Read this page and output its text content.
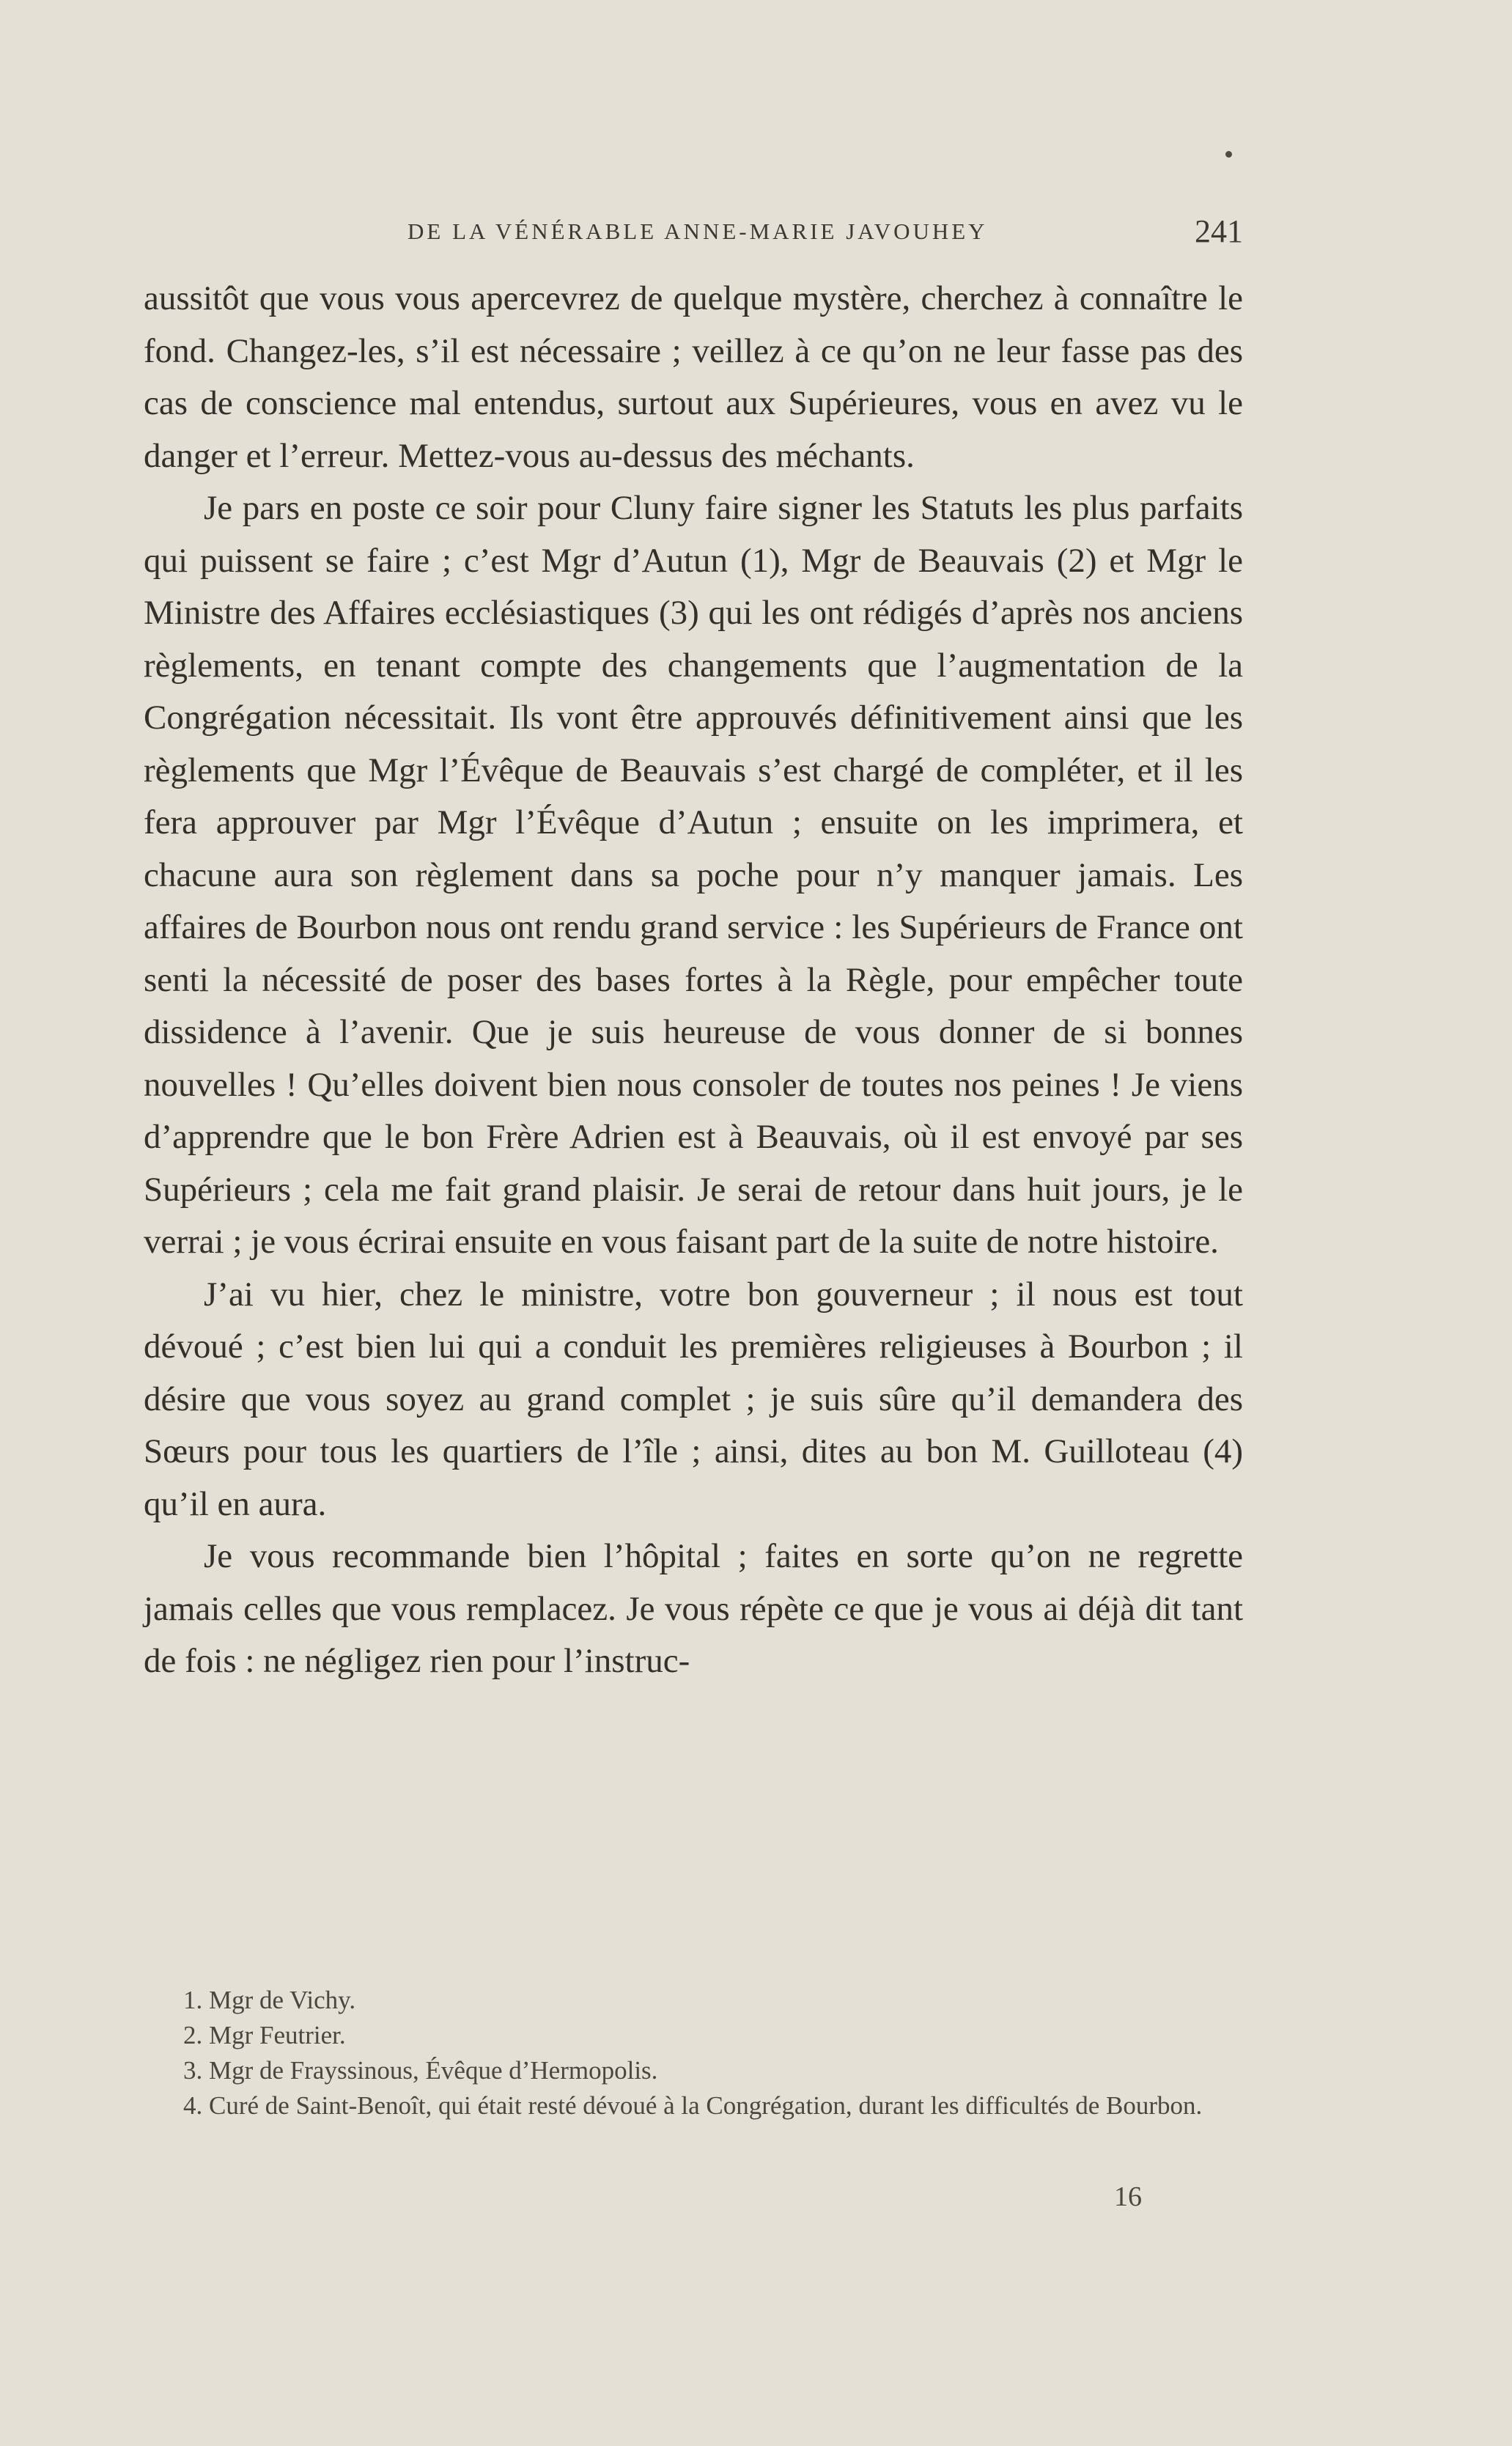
DE LA VÉNÉRABLE ANNE-MARIE JAVOUHEY	241

aussitôt que vous vous apercevrez de quelque mystère, cherchez à connaître le fond. Changez-les, s’il est nécessaire ; veillez à ce qu’on ne leur fasse pas des cas de conscience mal entendus, surtout aux Supérieures, vous en avez vu le danger et l’erreur. Mettez-vous au-dessus des méchants.

Je pars en poste ce soir pour Cluny faire signer les Statuts les plus parfaits qui puissent se faire ; c’est Mgr d’Autun (1), Mgr de Beauvais (2) et Mgr le Ministre des Affaires ecclésiastiques (3) qui les ont rédigés d’après nos anciens règlements, en tenant compte des changements que l’augmentation de la Congrégation nécessitait. Ils vont être approuvés définitivement ainsi que les règlements que Mgr l’Évêque de Beauvais s’est chargé de compléter, et il les fera approuver par Mgr l’Évêque d’Autun ; ensuite on les imprimera, et chacune aura son règlement dans sa poche pour n’y manquer jamais. Les affaires de Bourbon nous ont rendu grand service : les Supérieurs de France ont senti la nécessité de poser des bases fortes à la Règle, pour empêcher toute dissidence à l’avenir. Que je suis heureuse de vous donner de si bonnes nouvelles ! Qu’elles doivent bien nous consoler de toutes nos peines ! Je viens d’apprendre que le bon Frère Adrien est à Beauvais, où il est envoyé par ses Supérieurs ; cela me fait grand plaisir. Je serai de retour dans huit jours, je le verrai ; je vous écrirai ensuite en vous faisant part de la suite de notre histoire.

J’ai vu hier, chez le ministre, votre bon gouverneur ; il nous est tout dévoué ; c’est bien lui qui a conduit les premières religieuses à Bourbon ; il désire que vous soyez au grand complet ; je suis sûre qu’il demandera des Sœurs pour tous les quartiers de l’île ; ainsi, dites au bon M. Guilloteau (4) qu’il en aura.

Je vous recommande bien l’hôpital ; faites en sorte qu’on ne regrette jamais celles que vous remplacez. Je vous répète ce que je vous ai déjà dit tant de fois : ne négligez rien pour l’instruc-

1. Mgr de Vichy.

2. Mgr Feutrier.

3. Mgr de Frayssinous, Évêque d’Hermopolis.

4. Curé de Saint-Benoît, qui était resté dévoué à la Congrégation, durant les difficultés de Bourbon.

16
